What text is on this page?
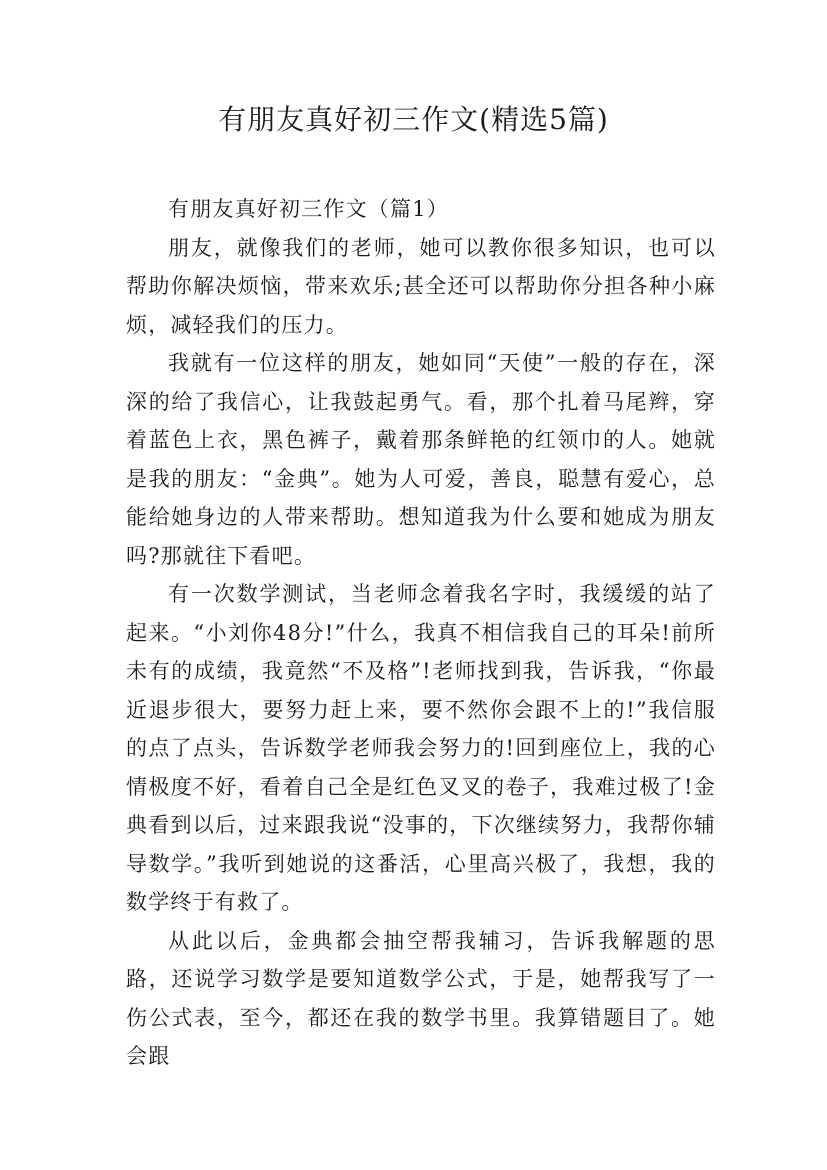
有朋友真好初三作文(精选5篇)

有朋友真好初三作文（篇1）

朋友，就像我们的老师，她可以教你很多知识，也可以帮助你解决烦恼，带来欢乐;甚全还可以帮助你分担各种小麻烦，减轻我们的压力。

我就有一位这样的朋友，她如同“天使”一般的存在，深深的给了我信心，让我鼓起勇气。看，那个扎着马尾辫，穿着蓝色上衣，黑色裤子，戴着那条鲜艳的红领巾的人。她就是我的朋友：“金典”。她为人可爱，善良，聪慧有爱心，总能给她身边的人带来帮助。想知道我为什么要和她成为朋友吗?那就往下看吧。

有一次数学测试，当老师念着我名字时，我缓缓的站了起来。“小刘你48分!”什么，我真不相信我自己的耳朵!前所未有的成绩，我竟然“不及格”!老师找到我，告诉我，“你最近退步很大，要努力赶上来，要不然你会跟不上的!”我信服的点了点头，告诉数学老师我会努力的!回到座位上，我的心情极度不好，看着自己全是红色叉叉的卷子，我难过极了!金典看到以后，过来跟我说“没事的，下次继续努力，我帮你辅导数学。”我听到她说的这番活，心里高兴极了，我想，我的数学终于有救了。

从此以后，金典都会抽空帮我辅习，告诉我解题的思路，还说学习数学是要知道数学公式，于是，她帮我写了一伤公式表，至今，都还在我的数学书里。我算错题目了。她会跟
